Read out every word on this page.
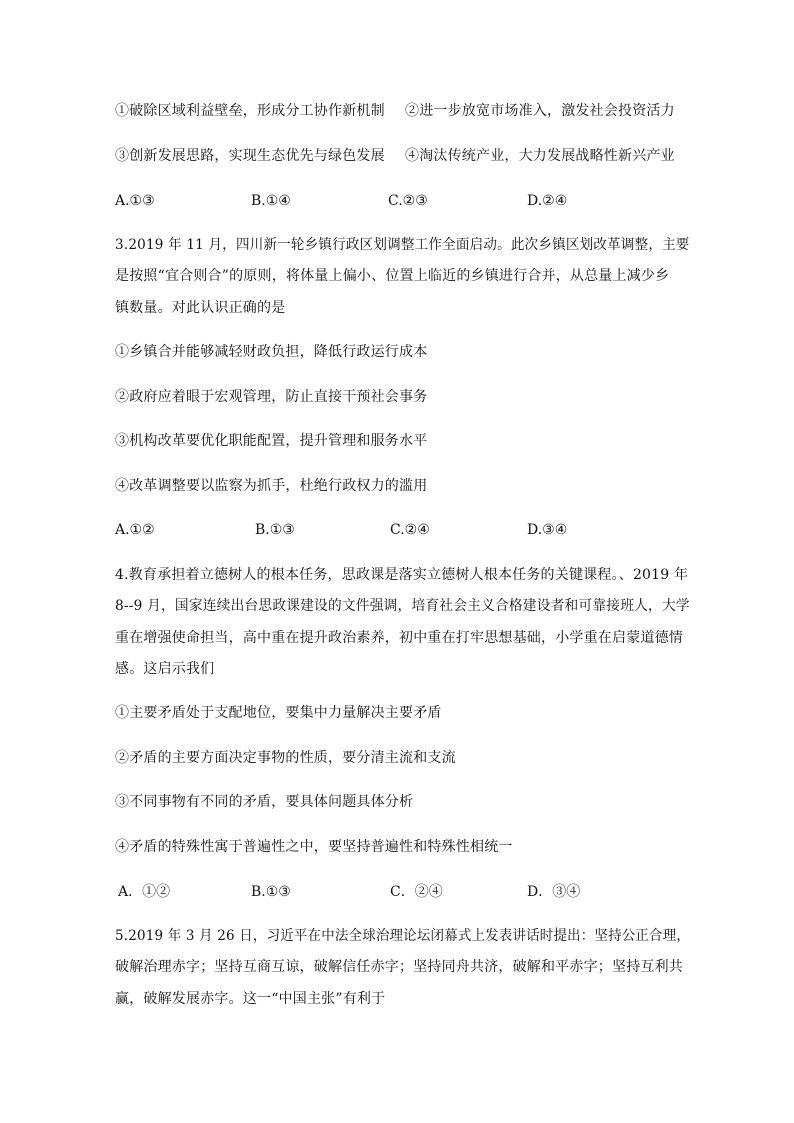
①破除区域利益壁垒，形成分工协作新机制 ②进一步放宽市场准入，激发社会投资活力
③创新发展思路，实现生态优先与绿色发展 ④淘汰传统产业，大力发展战略性新兴产业
A.①③	B.①④	C.②③	D.②④
3.2019 年 11 月，四川新一轮乡镇行政区划调整工作全面启动。此次乡镇区划改革调整，主要
是按照“宜合则合”的原则，将体量上偏小、位置上临近的乡镇进行合并，从总量上减少乡
镇数量。对此认识正确的是
①乡镇合并能够减轻财政负担，降低行政运行成本
②政府应着眼于宏观管理，防止直接干预社会事务
③机构改革要优化职能配置，提升管理和服务水平
④改革调整要以监察为抓手，杜绝行政权力的滥用
A.①②	B.①③	C.②④	D.③④
4.教育承担着立德树人的根本任务，思政课是落实立德树人根本任务的关键课程。、2019 年
8--9 月，国家连续出台思政课建设的文件强调，培育社会主义合格建设者和可靠接班人，大学
重在增强使命担当，高中重在提升政治素养，初中重在打牢思想基础，小学重在启蒙道德情
感。这启示我们
①主要矛盾处于支配地位，要集中力量解决主要矛盾
②矛盾的主要方面决定事物的性质，要分清主流和支流
③不同事物有不同的矛盾，要具体问题具体分析
④矛盾的特殊性寓于普遍性之中，要坚持普遍性和特殊性相统一
A．①②	B.①③	C．②④	D．③④
5.2019 年 3 月 26 日，习近平在中法全球治理论坛闭幕式上发表讲话时提出：坚持公正合理，
破解治理赤字；坚持互商互谅，破解信任赤字；坚持同舟共济，破解和平赤字；坚持互利共
赢，破解发展赤字。这一“中国主张”有利于
